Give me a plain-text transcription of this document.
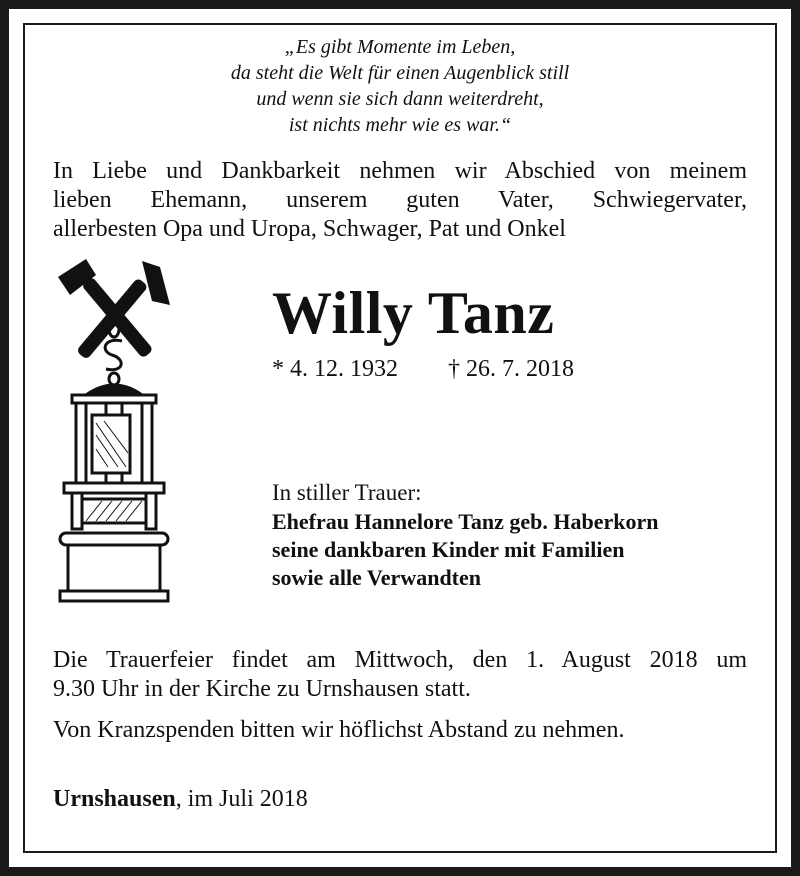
„Es gibt Momente im Leben,
da steht die Welt für einen Augenblick still
und wenn sie sich dann weiterdreht,
ist nichts mehr wie es war.“
In Liebe und Dankbarkeit nehmen wir Abschied von meinem
lieben Ehemann, unserem guten Vater, Schwiegervater,
allerbesten Opa und Uropa, Schwager, Pat und Onkel
Willy Tanz
* 4. 12. 1932 † 26. 7. 2018
In stiller Trauer:
Ehefrau Hannelore Tanz geb. Haberkorn
seine dankbaren Kinder mit Familien
sowie alle Verwandten
Die Trauerfeier findet am Mittwoch, den 1. August 2018 um
9.30 Uhr in der Kirche zu Urnshausen statt.
Von Kranzspenden bitten wir höflichst Abstand zu nehmen.
Urnshausen, im Juli 2018
